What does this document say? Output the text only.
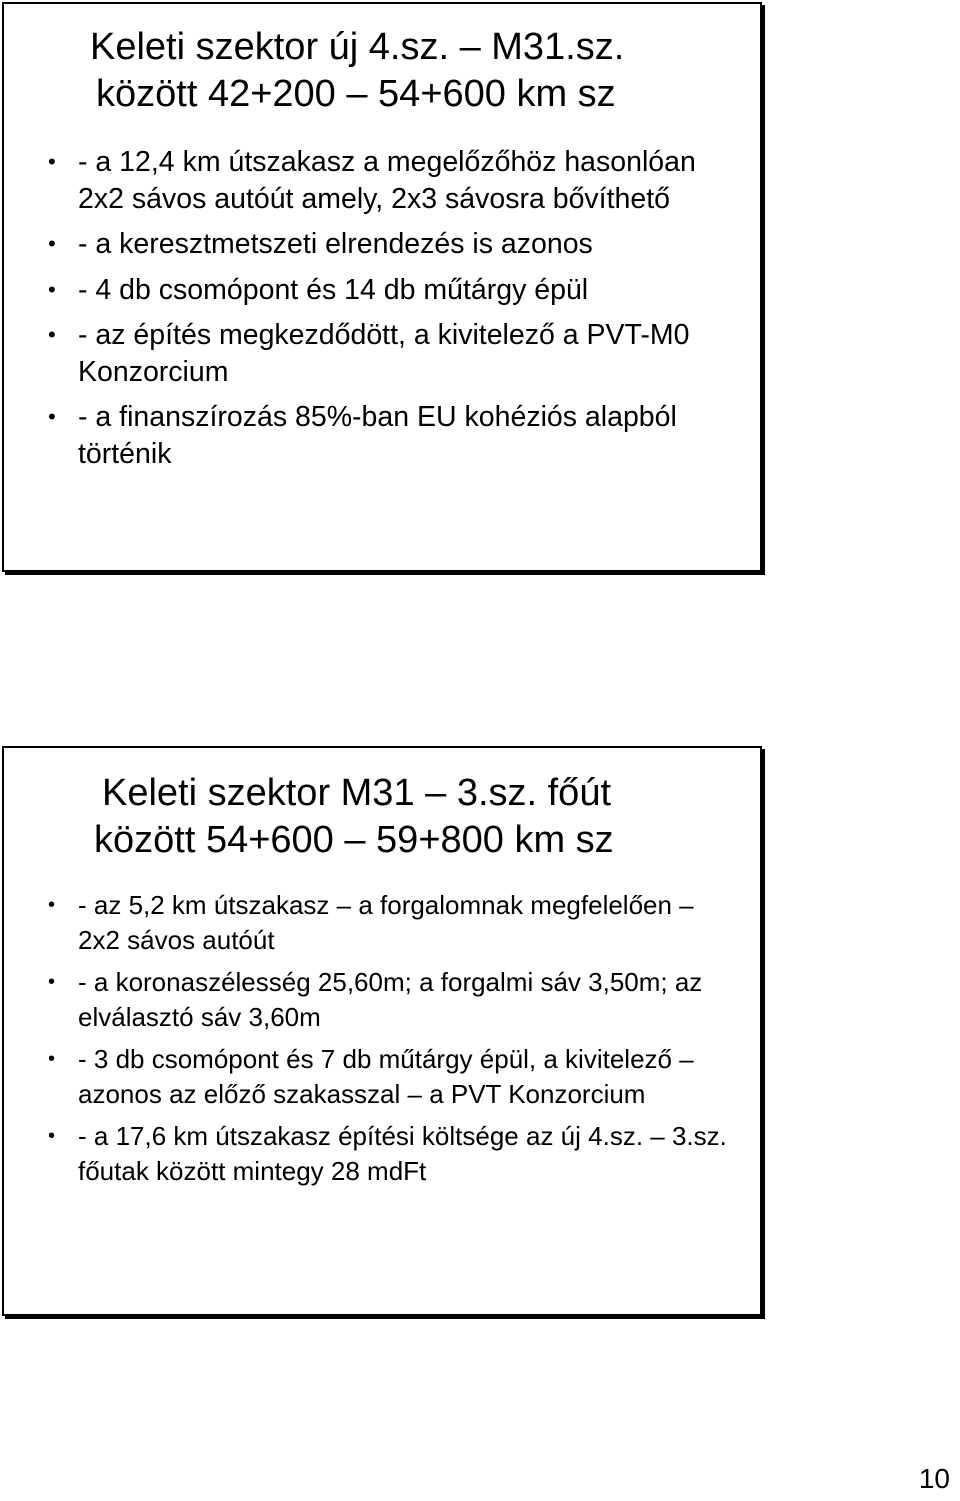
Keleti szektor új 4.sz. – M31.sz.
között 42+200 – 54+600 km sz
• - a 12,4 km útszakasz a megelőzőhöz hasonlóan 2x2 sávos autóút amely, 2x3 sávosra bővíthető
• - a keresztmetszeti elrendezés is azonos
• - 4 db csomópont és 14 db műtárgy épül
• - az építés megkezdődött, a kivitelező a PVT-M0 Konzorcium
• - a finanszírozás 85%-ban EU kohéziós alapból történik
Keleti szektor M31 – 3.sz. főút
között 54+600 – 59+800 km sz
• - az 5,2 km útszakasz – a forgalomnak megfelelően – 2x2 sávos autóút
• - a koronaszélesség 25,60m; a forgalmi sáv 3,50m; az elválasztó sáv 3,60m
• - 3 db csomópont és 7 db műtárgy épül, a kivitelező – azonos az előző szakasszal – a PVT Konzorcium
• - a 17,6 km útszakasz építési költsége az új 4.sz. – 3.sz. főutak között mintegy 28 mdFt
10
